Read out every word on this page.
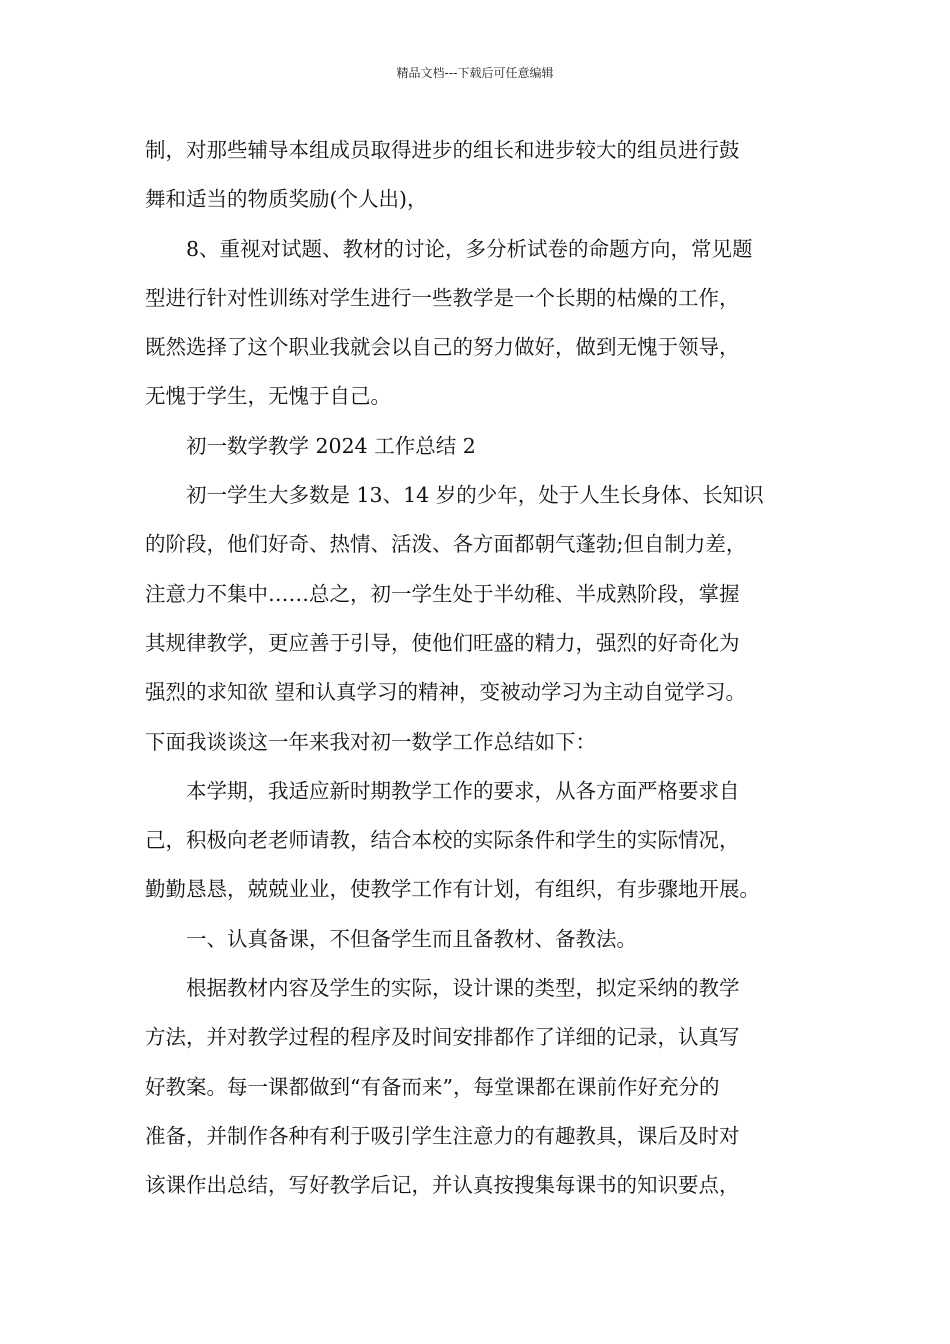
精品文档---下载后可任意编辑

制，对那些辅导本组成员取得进步的组长和进步较大的组员进行鼓
舞和适当的物质奖励(个人出)，

8、重视对试题、教材的讨论，多分析试卷的命题方向，常见题
型进行针对性训练对学生进行一些教学是一个长期的枯燥的工作，
既然选择了这个职业我就会以自己的努力做好，做到无愧于领导，
无愧于学生，无愧于自己。

初一数学教学 2024 工作总结 2

初一学生大多数是 13、14 岁的少年，处于人生长身体、长知识
的阶段，他们好奇、热情、活泼、各方面都朝气蓬勃;但自制力差，
注意力不集中……总之，初一学生处于半幼稚、半成熟阶段，掌握
其规律教学，更应善于引导，使他们旺盛的精力，强烈的好奇化为
强烈的求知欲 望和认真学习的精神，变被动学习为主动自觉学习。
下面我谈谈这一年来我对初一数学工作总结如下：

本学期，我适应新时期教学工作的要求，从各方面严格要求自
己，积极向老老师请教，结合本校的实际条件和学生的实际情况，
勤勤恳恳，兢兢业业，使教学工作有计划，有组织，有步骤地开展。

一、认真备课，不但备学生而且备教材、备教法。

根据教材内容及学生的实际，设计课的类型，拟定采纳的教学
方法，并对教学过程的程序及时间安排都作了详细的记录，认真写
好教案。每一课都做到“有备而来”，每堂课都在课前作好充分的
准备，并制作各种有利于吸引学生注意力的有趣教具，课后及时对
该课作出总结，写好教学后记，并认真按搜集每课书的知识要点，
